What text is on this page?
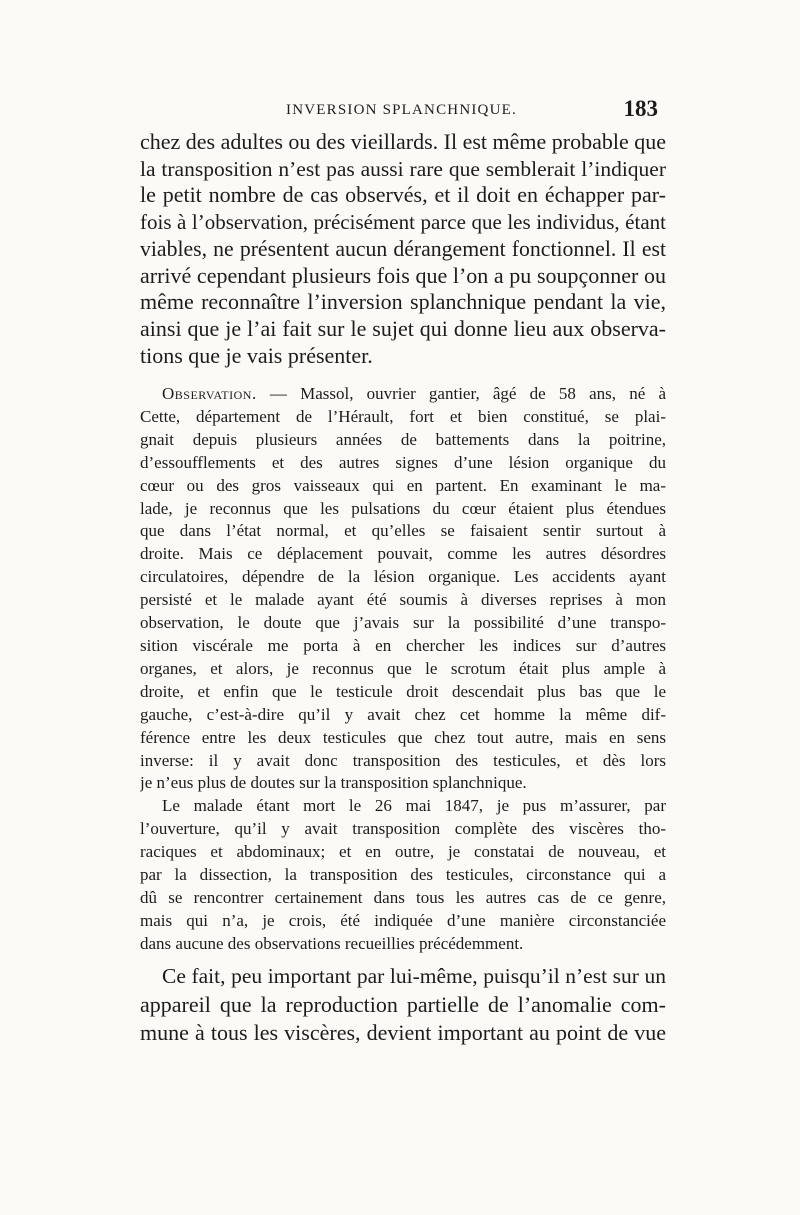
INVERSION SPLANCHNIQUE.	183
chez des adultes ou des vieillards. Il est même probable que
la transposition n’est pas aussi rare que semblerait l’indiquer
le petit nombre de cas observés, et il doit en échapper par-
fois à l’observation, précisément parce que les individus, étant
viables, ne présentent aucun dérangement fonctionnel. Il est
arrivé cependant plusieurs fois que l’on a pu soupçonner ou
même reconnaître l’inversion splanchnique pendant la vie,
ainsi que je l’ai fait sur le sujet qui donne lieu aux observa-
tions que je vais présenter.
Observation. — Massol, ouvrier gantier, âgé de 58 ans, né à
Cette, département de l’Hérault, fort et bien constitué, se plai-
gnait depuis plusieurs années de battements dans la poitrine,
d’essoufflements et des autres signes d’une lésion organique du
cœur ou des gros vaisseaux qui en partent. En examinant le ma-
lade, je reconnus que les pulsations du cœur étaient plus étendues
que dans l’état normal, et qu’elles se faisaient sentir surtout à
droite. Mais ce déplacement pouvait, comme les autres désordres
circulatoires, dépendre de la lésion organique. Les accidents ayant
persisté et le malade ayant été soumis à diverses reprises à mon
observation, le doute que j’avais sur la possibilité d’une transpo-
sition viscérale me porta à en chercher les indices sur d’autres
organes, et alors, je reconnus que le scrotum était plus ample à
droite, et enfin que le testicule droit descendait plus bas que le
gauche, c’est-à-dire qu’il y avait chez cet homme la même dif-
férence entre les deux testicules que chez tout autre, mais en sens
inverse: il y avait donc transposition des testicules, et dès lors
je n’eus plus de doutes sur la transposition splanchnique.
Le malade étant mort le 26 mai 1847, je pus m’assurer, par
l’ouverture, qu’il y avait transposition complète des viscères tho-
raciques et abdominaux; et en outre, je constatai de nouveau, et
par la dissection, la transposition des testicules, circonstance qui a
dû se rencontrer certainement dans tous les autres cas de ce genre,
mais qui n’a, je crois, été indiquée d’une manière circonstanciée
dans aucune des observations recueillies précédemment.
Ce fait, peu important par lui-même, puisqu’il n’est sur un
appareil que la reproduction partielle de l’anomalie com-
mune à tous les viscères, devient important au point de vue
